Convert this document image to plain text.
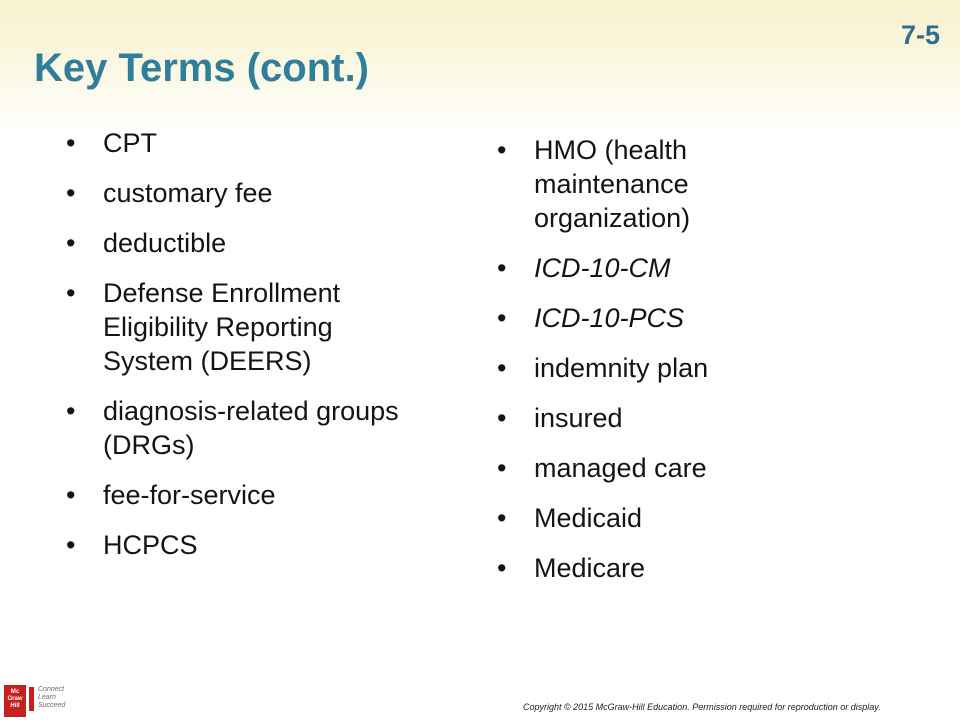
7-5
Key Terms (cont.)
• CPT
• customary fee
• deductible
• Defense Enrollment Eligibility Reporting System (DEERS)
• diagnosis-related groups (DRGs)
• fee-for-service
• HCPCS
• HMO (health maintenance organization)
• ICD-10-CM
• ICD-10-PCS
• indemnity plan
• insured
• managed care
• Medicaid
• Medicare
Mc Graw Hill
Connect
Learn
Succeed	Copyright © 2015 McGraw-Hill Education. Permission required for reproduction or display.
